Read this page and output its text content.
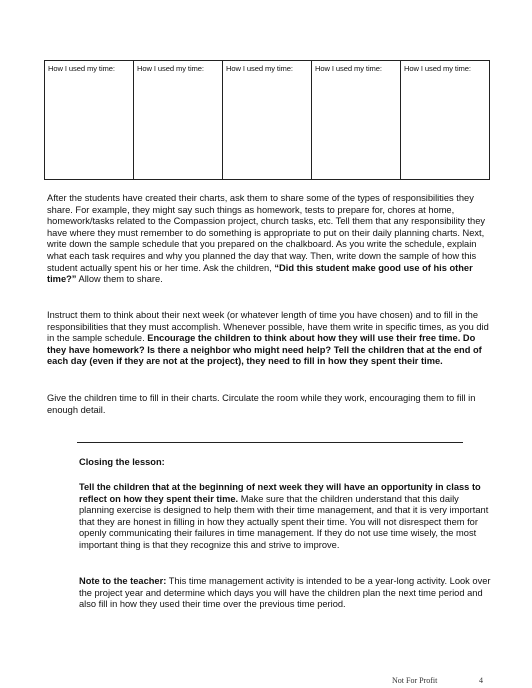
How I used my time:	How I used my time:	How I used my time:	How I used my time:	How I used my time:

After the students have created their charts, ask them to share some of the types of responsibilities they share. For example, they might say such things as homework, tests to prepare for, chores at home, homework/tasks related to the Compassion project, church tasks, etc. Tell them that any responsibility they have where they must remember to do something is appropriate to put on their daily planning charts. Next, write down the sample schedule that you prepared on the chalkboard. As you write the schedule, explain what each task requires and why you planned the day that way. Then, write down the sample of how this student actually spent his or her time. Ask the children, “Did this student make good use of his other time?” Allow them to share.

Instruct them to think about their next week (or whatever length of time you have chosen) and to fill in the responsibilities that they must accomplish. Whenever possible, have them write in specific times, as you did in the sample schedule. Encourage the children to think about how they will use their free time. Do they have homework? Is there a neighbor who might need help? Tell the children that at the end of each day (even if they are not at the project), they need to fill in how they spent their time.

Give the children time to fill in their charts. Circulate the room while they work, encouraging them to fill in enough detail.

Closing the lesson:

Tell the children that at the beginning of next week they will have an opportunity in class to reflect on how they spent their time. Make sure that the children understand that this daily planning exercise is designed to help them with their time management, and that it is very important that they are honest in filling in how they actually spent their time. You will not disrespect them for openly communicating their failures in time management. If they do not use time wisely, the most important thing is that they recognize this and strive to improve.

Note to the teacher: This time management activity is intended to be a year-long activity. Look over the project year and determine which days you will have the children plan the next time period and also fill in how they used their time over the previous time period.

Not For Profit	4
